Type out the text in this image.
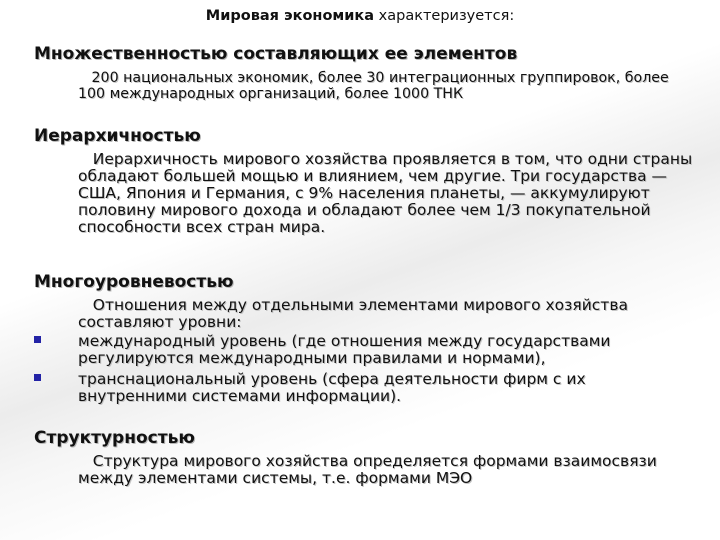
Мировая экономика характеризуется:
Множественностью составляющих ее элементов
200 национальных экономик, более 30 интеграционных группировок, более 100 международных организаций, более 1000 ТНК
Иерархичностью
Иерархичность мирового хозяйства проявляется в том, что одни страны обладают большей мощью и влиянием, чем другие. Три государства — США, Япония и Германия, с 9% населения планеты, — аккумулируют половину мирового дохода и обладают более чем 1/3 покупательной способности всех стран мира.
Многоуровневостью
Отношения между отдельными элементами мирового хозяйства составляют уровни:
международный уровень (где отношения между государствами регулируются международными правилами и нормами),
транснациональный уровень (сфера деятельности фирм с их внутренними системами информации).
Структурностью
Структура мирового хозяйства определяется формами взаимосвязи между элементами системы, т.е. формами МЭО
